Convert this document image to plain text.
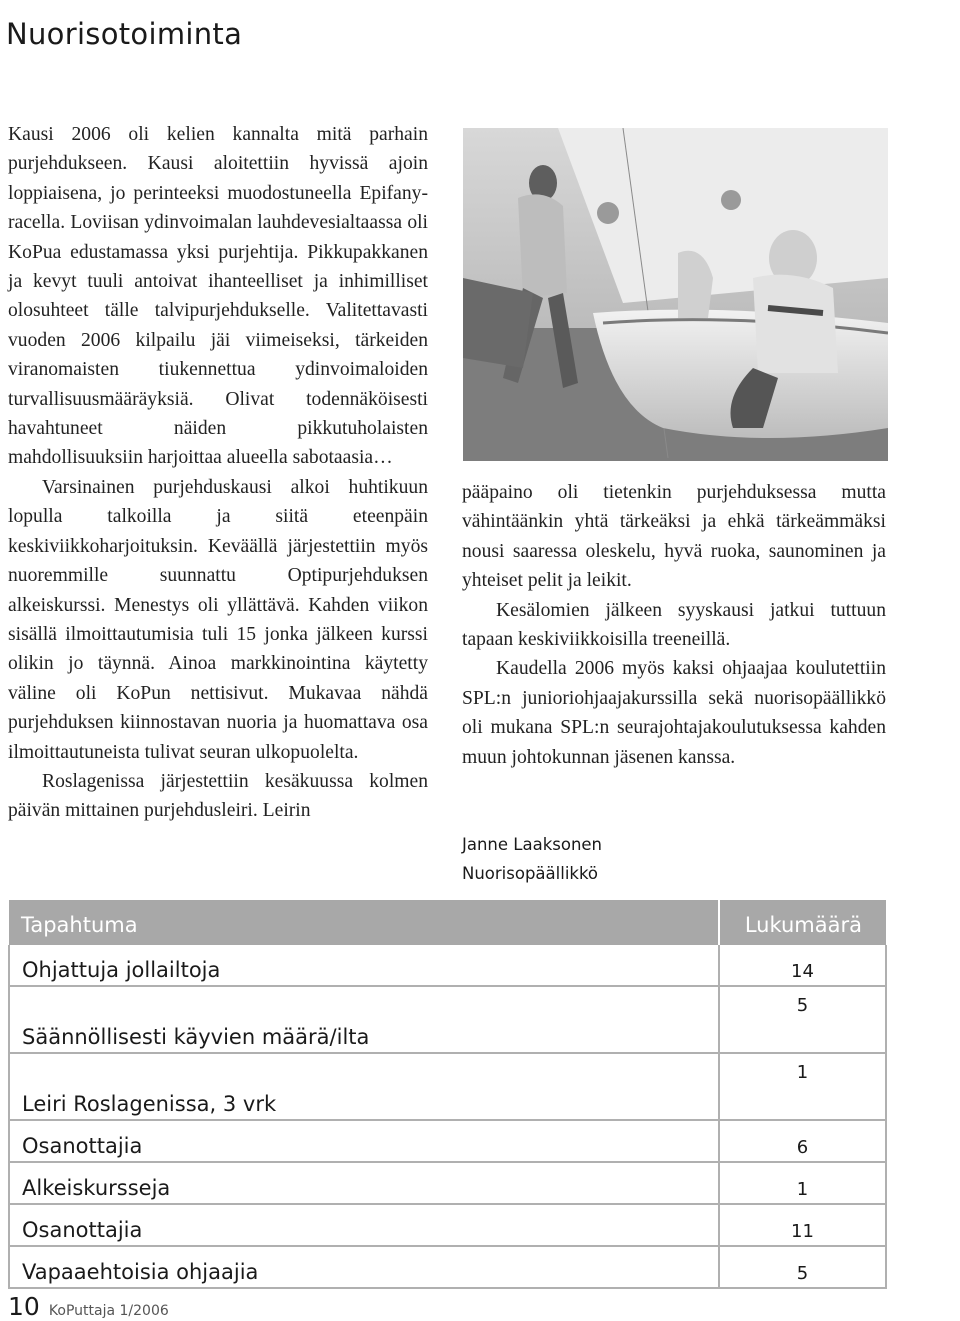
Nuorisotoiminta

Kausi 2006 oli kelien kannalta mitä parhain purjehdukseen. Kausi aloitettiin hyvissä ajoin loppiaisena, jo perinteeksi muodostuneella Epifany-racella. Loviisan ydinvoimalan lauhdevesialtaassa oli KoPua edustamassa yksi purjehtija. Pikkupakkanen ja kevyt tuuli antoivat ihanteelliset ja inhimilliset olosuhteet tälle talvipurjehdukselle. Valitettavasti vuoden 2006 kilpailu jäi viimeiseksi, tärkeiden viranomaisten tiukennettua ydinvoimaloiden turvallisuusmääräyksiä. Olivat todennäköisesti havahtuneet näiden pikkutuholaisten mahdollisuuksiin harjoittaa alueella sabotaasia…

Varsinainen purjehduskausi alkoi huhtikuun lopulla talkoilla ja siitä eteenpäin keskiviikkoharjoituksin. Keväällä järjestettiin myös nuoremmille suunnattu Optipurjehduksen alkeiskurssi. Menestys oli yllättävä. Kahden viikon sisällä ilmoittautumisia tuli 15 jonka jälkeen kurssi olikin jo täynnä. Ainoa markkinointina käytetty väline oli KoPun nettisivut. Mukavaa nähdä purjehduksen kiinnostavan nuoria ja huomattava osa ilmoittautuneista tulivat seuran ulkopuolelta.

Roslagenissa järjestettiin kesäkuussa kolmen päivän mittainen purjehdusleiri. Leirin

pääpaino oli tietenkin purjehduksessa mutta vähintäänkin yhtä tärkeäksi ja ehkä tärkeämmäksi nousi saaressa oleskelu, hyvä ruoka, saunominen ja yhteiset pelit ja leikit.

Kesälomien jälkeen syyskausi jatkui tuttuun tapaan keskiviikkoisilla treeneillä.

Kaudella 2006 myös kaksi ohjaajaa koulutettiin SPL:n junioriohjaajakurssilla sekä nuorisopäällikkö oli mukana SPL:n seurajohtajakoulutuksessa kahden muun johtokunnan jäsenen kanssa.

Janne Laaksonen
Nuorisopäällikkö
Tapahtuma	Lukumäärä
Ohjattuja jollailtoja	14
Säännöllisesti käyvien määrä/ilta	5
Leiri Roslagenissa, 3 vrk	1
Osanottajia	6
Alkeiskursseja	1
Osanottajia	11
Vapaaehtoisia ohjaajia	5
10 KoPuttaja 1/2006
